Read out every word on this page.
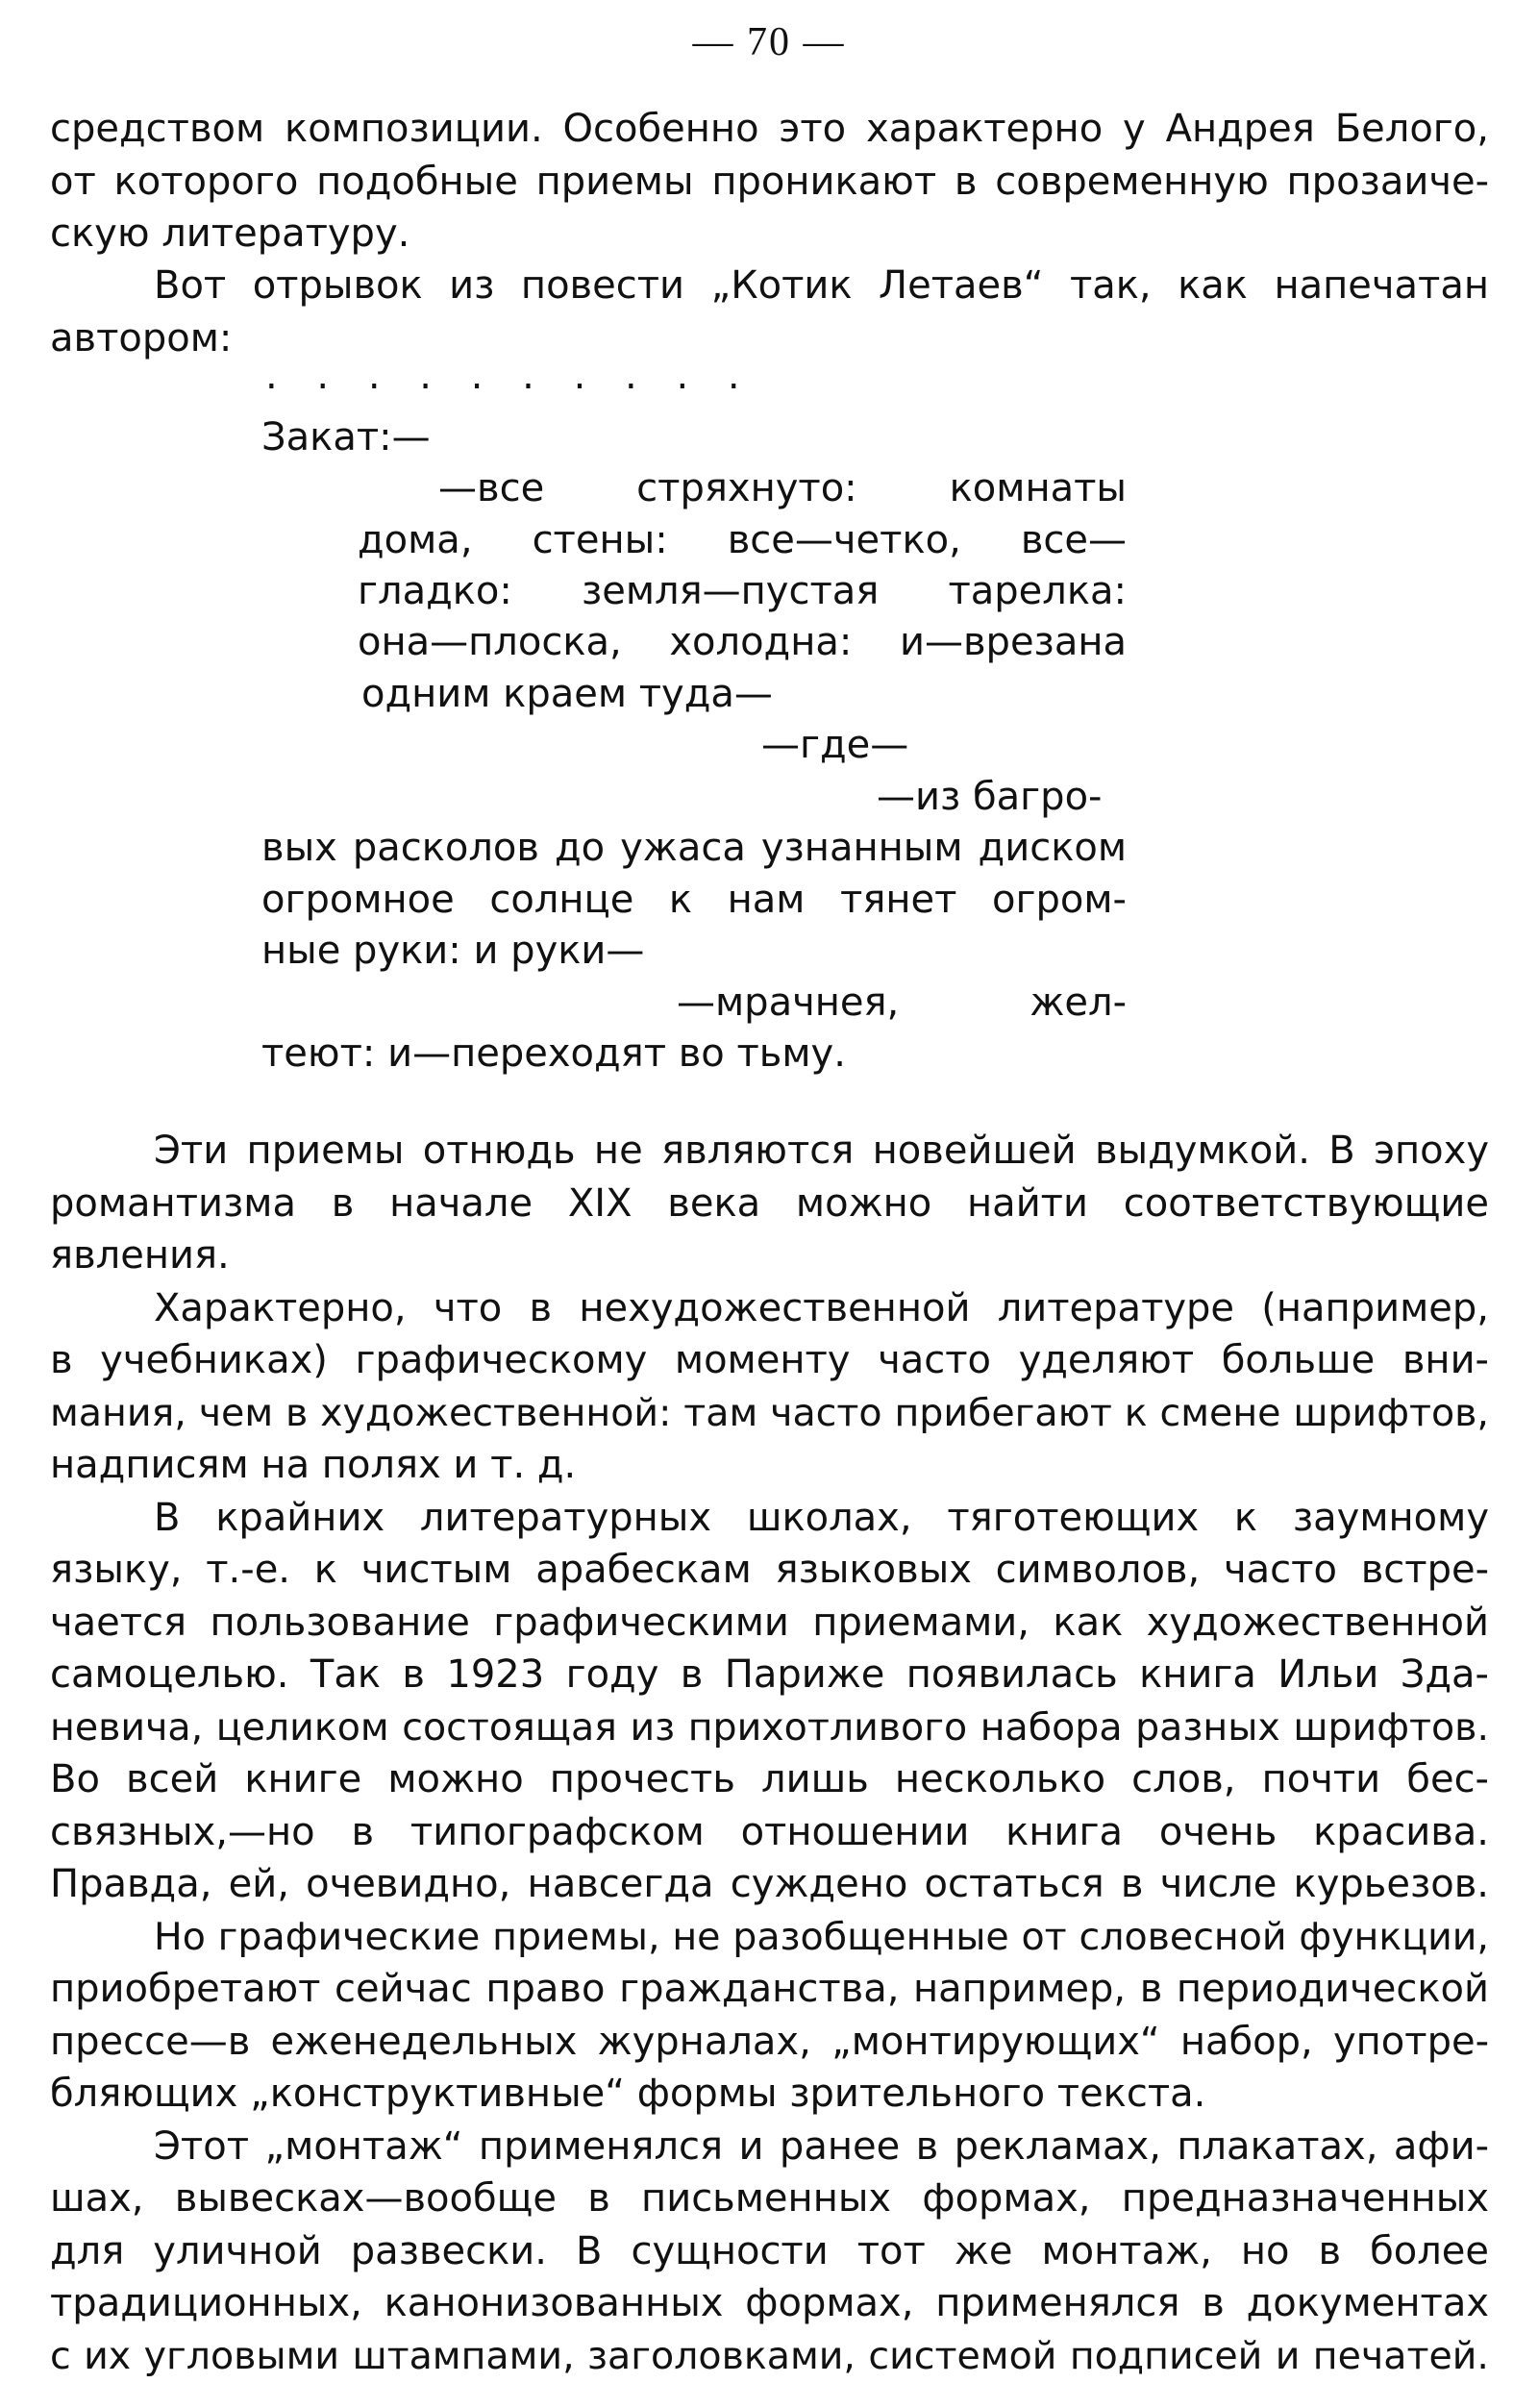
— 70 —
средством композиции. Особенно это характерно у Андрея Белого,
от которого подобные приемы проникают в современную прозаиче-
скую литературу.
Вот отрывок из повести „Котик Летаев“ так, как напечатан
автором:
. . . . . . . . . .
Закат:—
—все стряхнуто: комнаты
дома, стены: все—четко, все—
гладко: земля—пустая тарелка:
она—плоска, холодна: и—врезана
одним краем туда—
—где—
—из багро-
вых расколов до ужаса узнанным диском
огромное солнце к нам тянет огром-
ные руки: и руки—
—мрачнея, жел-
теют: и—переходят во тьму.
Эти приемы отнюдь не являются новейшей выдумкой. В эпоху
романтизма в начале XIX века можно найти соответствующие
явления.
Характерно, что в нехудожественной литературе (например,
в учебниках) графическому моменту часто уделяют больше вни-
мания, чем в художественной: там часто прибегают к смене шрифтов,
надписям на полях и т. д.
В крайних литературных школах, тяготеющих к заумному
языку, т.-е. к чистым арабескам языковых символов, часто встре-
чается пользование графическими приемами, как художественной
самоцелью. Так в 1923 году в Париже появилась книга Ильи Зда-
невича, целиком состоящая из прихотливого набора разных шрифтов.
Во всей книге можно прочесть лишь несколько слов, почти бес-
связных,—но в типографском отношении книга очень красива.
Правда, ей, очевидно, навсегда суждено остаться в числе курьезов.
Но графические приемы, не разобщенные от словесной функции,
приобретают сейчас право гражданства, например, в периодической
прессе—в еженедельных журналах, „монтирующих“ набор, употре-
бляющих „конструктивные“ формы зрительного текста.
Этот „монтаж“ применялся и ранее в рекламах, плакатах, афи-
шах, вывесках—вообще в письменных формах, предназначенных
для уличной развески. В сущности тот же монтаж, но в более
традиционных, канонизованных формах, применялся в документах
с их угловыми штампами, заголовками, системой подписей и печатей.
